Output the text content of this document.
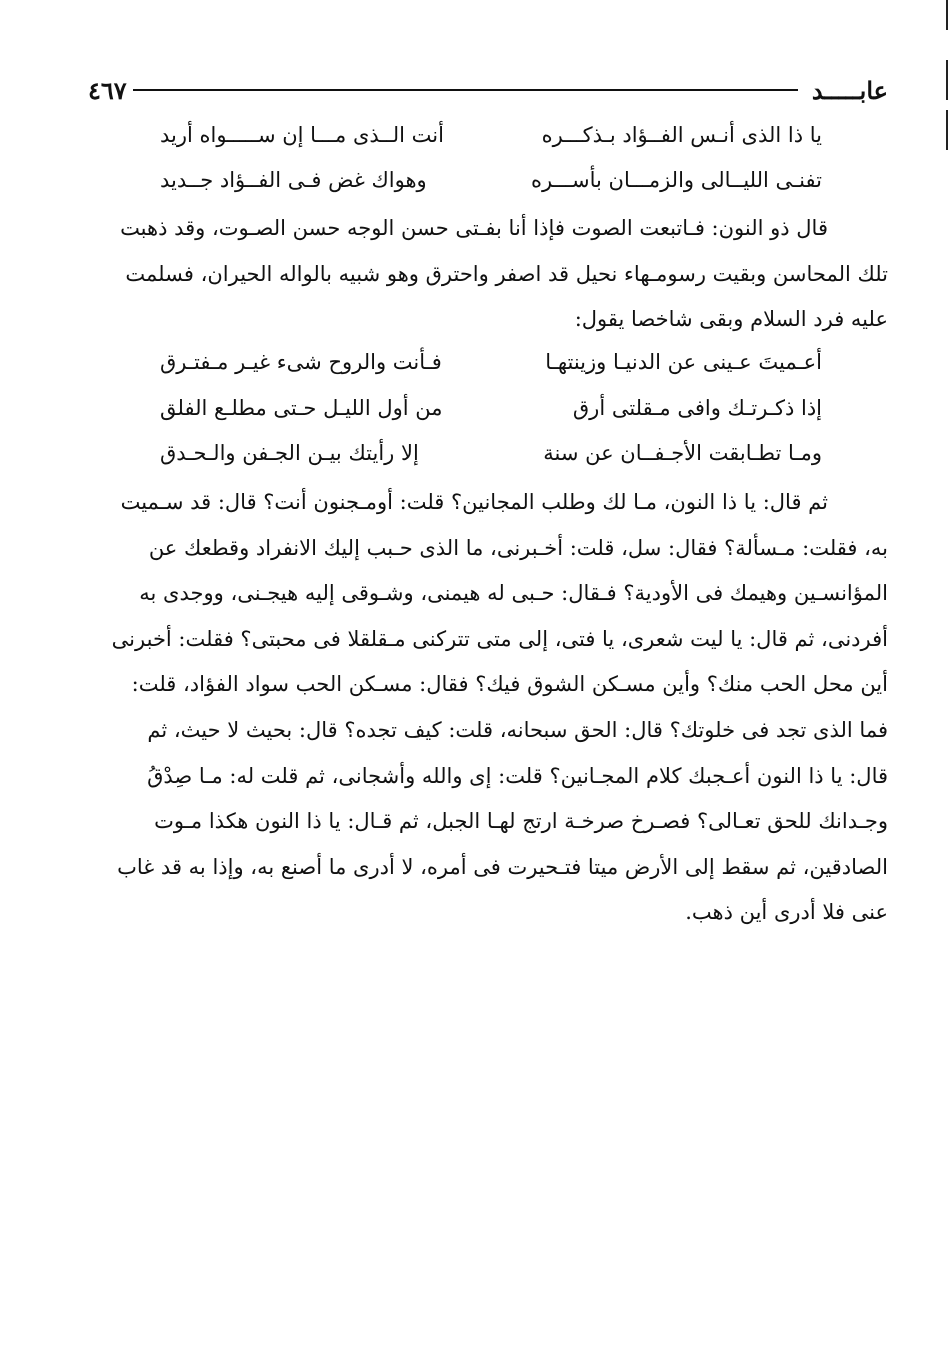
عابـــــد
٤٦٧
يا ذا الذى أنـس الفــؤاد بـذكـــره
أنت الــذى مـــا إن ســـــواه أريد
تفنـى الليــالى والزمـــان بأســـره
وهواك غض فـى الفــؤاد جــديد
قال ذو النون: فـاتبعت الصوت فإذا أنا بفـتى حسن الوجه حسن الصـوت، وقد ذهبت
تلك المحاسن وبقيت رسومـهاء نحيل قد اصفر واحترق وهو شبيه بالواله الحيران، فسلمت
عليه فرد السلام وبقى شاخصا يقول:
أعـميتَ عـينى عن الدنيـا وزينتهـا
فـأنت والروح شىء غيـر مـفتـرق
إذا ذكـرتـك وافى مـقلتى أرق
من أول الليـل حـتى مطلـع الفلق
ومـا تطـابقت الأجـفــان عن سنة
إلا رأيتك بيـن الجـفن والـحـدق
ثم قال: يا ذا النون، مـا لك وطلب المجانين؟ قلت: أومـجنون أنت؟ قال: قد سـميت
به، فقلت: مـسألة؟ فقال: سل، قلت: أخـبرنى، ما الذى حـبب إليك الانفراد وقطعك عن
المؤانسـين وهيمك فى الأودية؟ فـقال: حـبى له هيمنى، وشـوقى إليه هيجـنى، ووجدى به
أفردنى، ثم قال: يا ليت شعرى، يا فتى، إلى متى تتركنى مـقلقلا فى محبتى؟ فقلت: أخبرنى
أين محل الحب منك؟ وأين مسـكن الشوق فيك؟ فقال: مسـكن الحب سواد الفؤاد، قلت:
فما الذى تجد فى خلوتك؟ قال: الحق سبحانه، قلت: كيف تجده؟ قال: بحيث لا حيث، ثم
قال: يا ذا النون أعـجبك كلام المجـانين؟ قلت: إى والله وأشجانى، ثم قلت له: مـا صِدْقُ
وجـدانك للحق تعـالى؟ فصـرخ صرخـة ارتج لهـا الجبل، ثم قـال: يا ذا النون هكذا مـوت
الصادقين، ثم سقط إلى الأرض ميتا فتـحيرت فى أمره، لا أدرى ما أصنع به، وإذا به قد غاب
عنى فلا أدرى أين ذهب.
